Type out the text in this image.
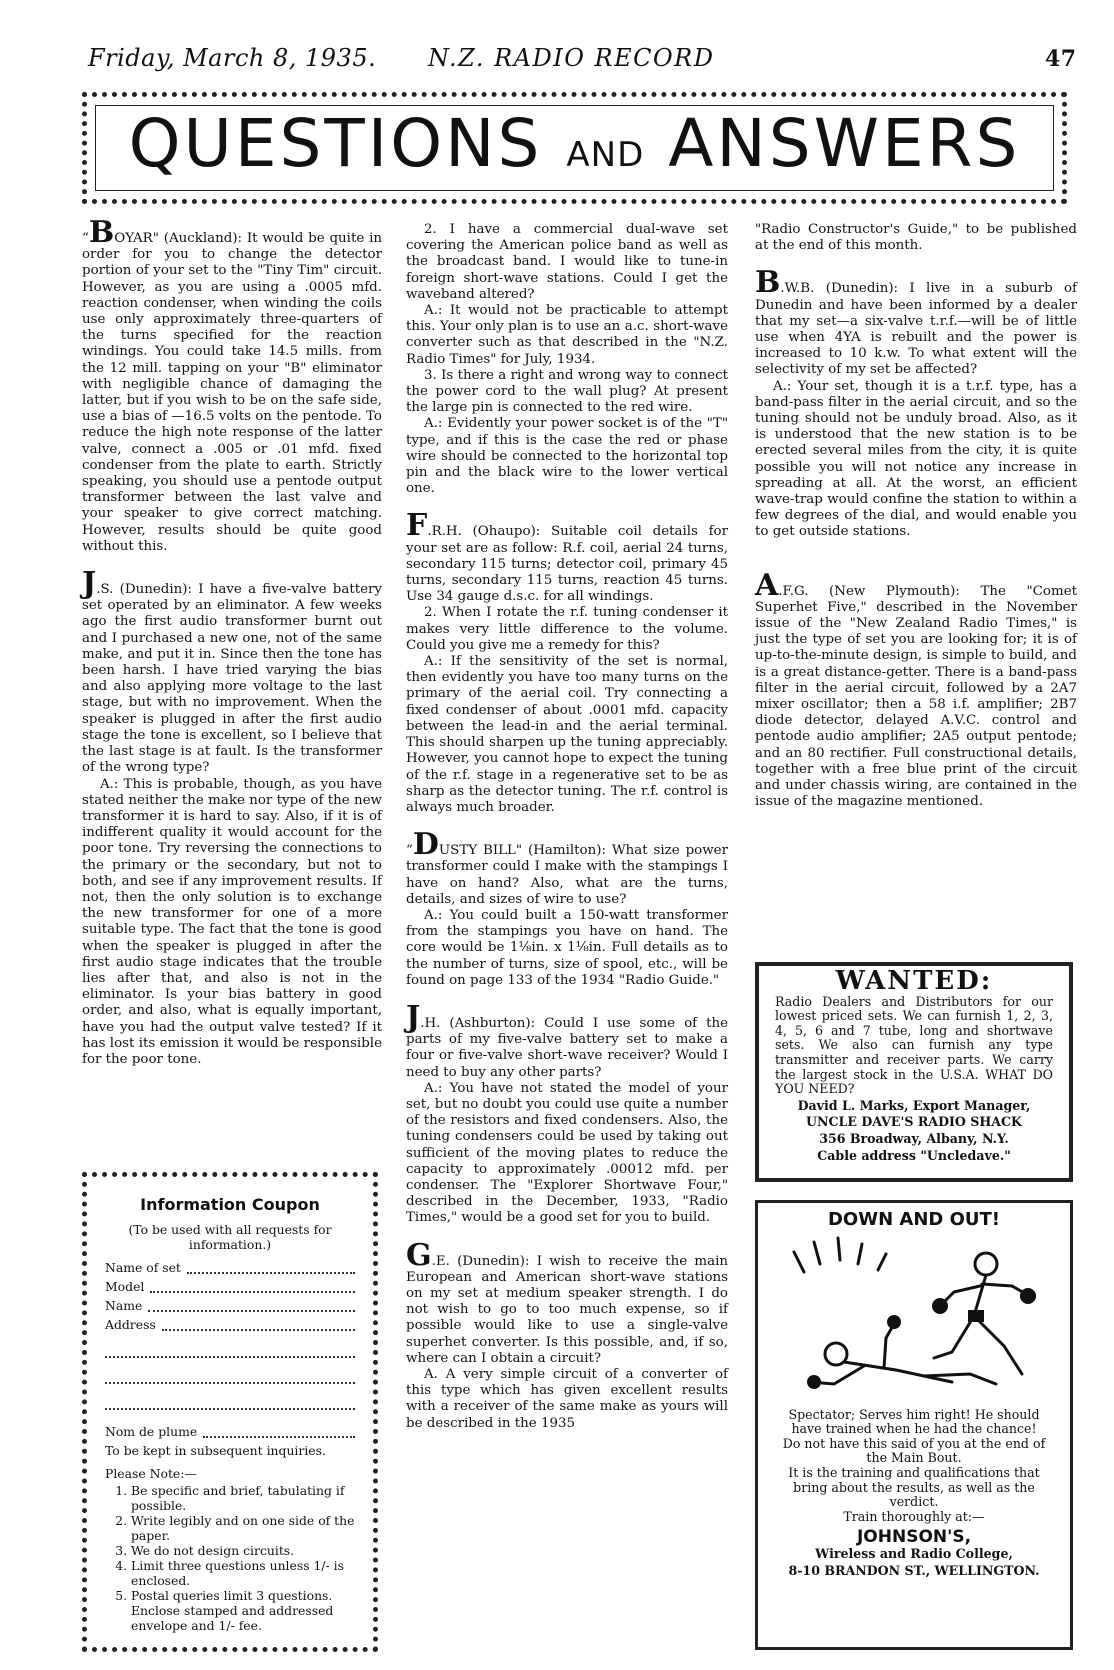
Friday, March 8, 1935. N.Z. RADIO RECORD	47
QUESTIONS AND ANSWERS

“BOYAR" (Auckland): It would be quite in order for you to change the detector portion of your set to the "Tiny Tim" circuit. However, as you are using a .0005 mfd. reaction condenser, when winding the coils use only approximately three-quarters of the turns specified for the reaction windings. You could take 14.5 mills. from the 12 mill. tapping on your "B" eliminator with negligible chance of damaging the latter, but if you wish to be on the safe side, use a bias of —16.5 volts on the pentode. To reduce the high note response of the latter valve, connect a .005 or .01 mfd. fixed condenser from the plate to earth. Strictly speaking, you should use a pentode output transformer between the last valve and your speaker to give correct matching. However, results should be quite good without this.

J.S. (Dunedin): I have a five-valve battery set operated by an eliminator. A few weeks ago the first audio transformer burnt out and I purchased a new one, not of the same make, and put it in. Since then the tone has been harsh. I have tried varying the bias and also applying more voltage to the last stage, but with no improvement. When the speaker is plugged in after the first audio stage the tone is excellent, so I believe that the last stage is at fault. Is the transformer of the wrong type?

A.: This is probable, though, as you have stated neither the make nor type of the new transformer it is hard to say. Also, if it is of indifferent quality it would account for the poor tone. Try reversing the connections to the primary or the secondary, but not to both, and see if any improvement results. If not, then the only solution is to exchange the new transformer for one of a more suitable type. The fact that the tone is good when the speaker is plugged in after the first audio stage indicates that the trouble lies after that, and also is not in the eliminator. Is your bias battery in good order, and also, what is equally important, have you had the output valve tested? If it has lost its emission it would be responsible for the poor tone.

Information Coupon
(To be used with all requests for information.)
Name of set
Model
Name
Address
Nom de plume
To be kept in subsequent inquiries.
Please Note:—
1. Be specific and brief, tabulating if possible.
2. Write legibly and on one side of the paper.
3. We do not design circuits.
4. Limit three questions unless 1/- is enclosed.
5. Postal queries limit 3 questions. Enclose stamped and addressed envelope and 1/- fee.

2. I have a commercial dual-wave set covering the American police band as well as the broadcast band. I would like to tune-in foreign short-wave stations. Could I get the waveband altered?

A.: It would not be practicable to attempt this. Your only plan is to use an a.c. short-wave converter such as that described in the "N.Z. Radio Times" for July, 1934.

3. Is there a right and wrong way to connect the power cord to the wall plug? At present the large pin is connected to the red wire.

A.: Evidently your power socket is of the "T" type, and if this is the case the red or phase wire should be connected to the horizontal top pin and the black wire to the lower vertical one.

F.R.H. (Ohaupo): Suitable coil details for your set are as follow: R.f. coil, aerial 24 turns, secondary 115 turns; detector coil, primary 45 turns, secondary 115 turns, reaction 45 turns. Use 34 gauge d.s.c. for all windings.

2. When I rotate the r.f. tuning condenser it makes very little difference to the volume. Could you give me a remedy for this?

A.: If the sensitivity of the set is normal, then evidently you have too many turns on the primary of the aerial coil. Try connecting a fixed condenser of about .0001 mfd. capacity between the lead-in and the aerial terminal. This should sharpen up the tuning appreciably. However, you cannot hope to expect the tuning of the r.f. stage in a regenerative set to be as sharp as the detector tuning. The r.f. control is always much broader.

“DUSTY BILL" (Hamilton): What size power transformer could I make with the stampings I have on hand? Also, what are the turns, details, and sizes of wire to use?

A.: You could built a 150-watt transformer from the stampings you have on hand. The core would be 1⅛in. x 1⅛in. Full details as to the number of turns, size of spool, etc., will be found on page 133 of the 1934 "Radio Guide."

J.H. (Ashburton): Could I use some of the parts of my five-valve battery set to make a four or five-valve short-wave receiver? Would I need to buy any other parts?

A.: You have not stated the model of your set, but no doubt you could use quite a number of the resistors and fixed condensers. Also, the tuning condensers could be used by taking out sufficient of the moving plates to reduce the capacity to approximately .00012 mfd. per condenser. The "Explorer Shortwave Four," described in the December, 1933, "Radio Times," would be a good set for you to build.

G.E. (Dunedin): I wish to receive the main European and American short-wave stations on my set at medium speaker strength. I do not wish to go to too much expense, so if possible would like to use a single-valve superhet converter. Is this possible, and, if so, where can I obtain a circuit?

A. A very simple circuit of a converter of this type which has given excellent results with a receiver of the same make as yours will be described in the 1935

"Radio Constructor's Guide," to be published at the end of this month.

B.W.B. (Dunedin): I live in a suburb of Dunedin and have been informed by a dealer that my set—a six-valve t.r.f.—will be of little use when 4YA is rebuilt and the power is increased to 10 k.w. To what extent will the selectivity of my set be affected?

A.: Your set, though it is a t.r.f. type, has a band-pass filter in the aerial circuit, and so the tuning should not be unduly broad. Also, as it is understood that the new station is to be erected several miles from the city, it is quite possible you will not notice any increase in spreading at all. At the worst, an efficient wave-trap would confine the station to within a few degrees of the dial, and would enable you to get outside stations.

A.F.G. (New Plymouth): The "Comet Superhet Five," described in the November issue of the "New Zealand Radio Times," is just the type of set you are looking for; it is of up-to-the-minute design, is simple to build, and is a great distance-getter. There is a band-pass filter in the aerial circuit, followed by a 2A7 mixer oscillator; then a 58 i.f. amplifier; 2B7 diode detector, delayed A.V.C. control and pentode audio amplifier; 2A5 output pentode; and an 80 rectifier. Full constructional details, together with a free blue print of the circuit and under chassis wiring, are contained in the issue of the magazine mentioned.

WANTED:
Radio Dealers and Distributors for our lowest priced sets. We can furnish 1, 2, 3, 4, 5, 6 and 7 tube, long and shortwave sets. We also can furnish any type transmitter and receiver parts. We carry the largest stock in the U.S.A. WHAT DO YOU NEED?
David L. Marks, Export Manager,
UNCLE DAVE'S RADIO SHACK
356 Broadway, Albany, N.Y.
Cable address "Uncledave."
DOWN AND OUT!
Spectator; Serves him right! He should have trained when he had the chance!
Do not have this said of you at the end of the Main Bout.
It is the training and qualifications that bring about the results, as well as the verdict.
Train thoroughly at:—
JOHNSON'S,
Wireless and Radio College,
8-10 BRANDON ST., WELLINGTON.
